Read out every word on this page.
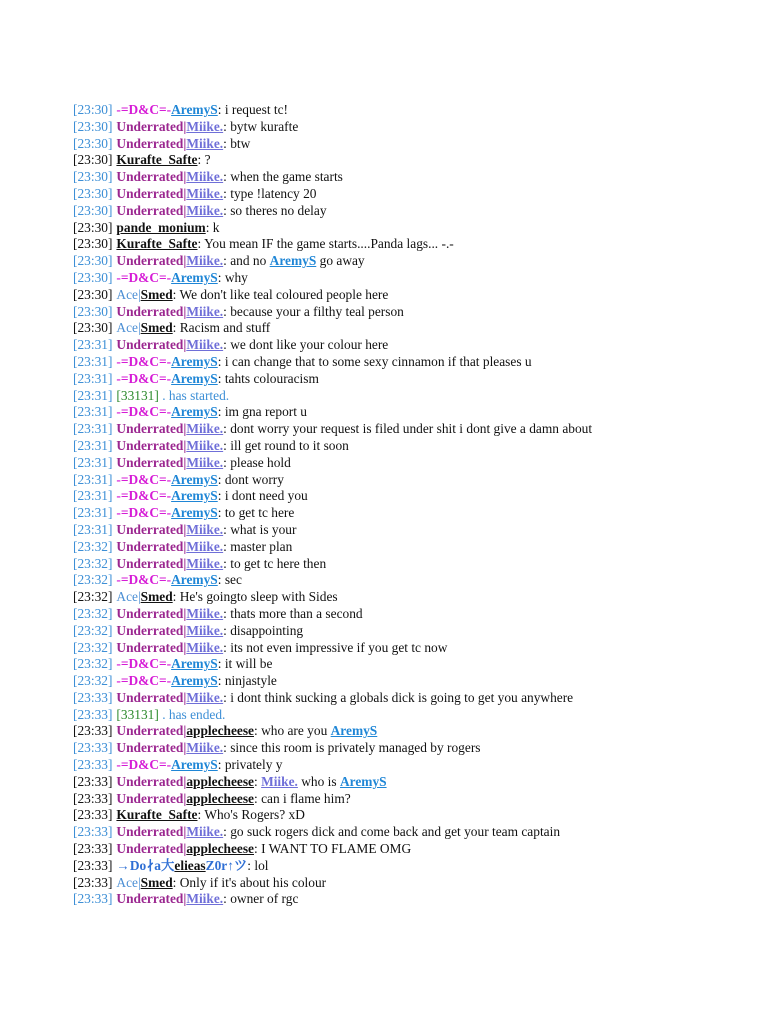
[23:30] -=D&C=-AremyS: i request tc!
[23:30] Underrated|Miike.: bytw kurafte
[23:30] Underrated|Miike.: btw
[23:30] Kurafte_Safte: ?
[23:30] Underrated|Miike.: when the game starts
[23:30] Underrated|Miike.: type !latency 20
[23:30] Underrated|Miike.: so theres no delay
[23:30] pande_monium: k
[23:30] Kurafte_Safte: You mean IF the game starts....Panda lags... -.-
[23:30] Underrated|Miike.: and no AremyS go away
[23:30] -=D&C=-AremyS: why
[23:30] Ace|Smed: We don't like teal coloured people here
[23:30] Underrated|Miike.: because your a filthy teal person
[23:30] Ace|Smed: Racism and stuff
[23:31] Underrated|Miike.: we dont like your colour here
[23:31] -=D&C=-AremyS: i can change that to some sexy cinnamon if that pleases u
[23:31] -=D&C=-AremyS: tahts colouracism
[23:31] [33131] . has started.
[23:31] -=D&C=-AremyS: im gna report u
[23:31] Underrated|Miike.: dont worry your request is filed under shit i dont give a damn about
[23:31] Underrated|Miike.: ill get round to it soon
[23:31] Underrated|Miike.: please hold
[23:31] -=D&C=-AremyS: dont worry
[23:31] -=D&C=-AremyS: i dont need you
[23:31] -=D&C=-AremyS: to get tc here
[23:31] Underrated|Miike.: what is your
[23:32] Underrated|Miike.: master plan
[23:32] Underrated|Miike.: to get tc here then
[23:32] -=D&C=-AremyS: sec
[23:32] Ace|Smed: He's goingto sleep with Sides
[23:32] Underrated|Miike.: thats more than a second
[23:32] Underrated|Miike.: disappointing
[23:32] Underrated|Miike.: its not even impressive if you get tc now
[23:32] -=D&C=-AremyS: it will be
[23:32] -=D&C=-AremyS: ninjastyle
[23:33] Underrated|Miike.: i dont think sucking a globals dick is going to get you anywhere
[23:33] [33131] . has ended.
[23:33] Underrated|applecheese: who are you AremyS
[23:33] Underrated|Miike.: since this room is privately managed by rogers
[23:33] -=D&C=-AremyS: privately y
[23:33] Underrated|applecheese: Miike. who is AremyS
[23:33] Underrated|applecheese: can i flame him?
[23:33] Kurafte_Safte: Who's Rogers? xD
[23:33] Underrated|Miike.: go suck rogers dick and come back and get your team captain
[23:33] Underrated|applecheese: I WANT TO FLAME OMG
[23:33] →Do∤a大elieasZ0r↑ツ: lol
[23:33] Ace|Smed: Only if it's about his colour
[23:33] Underrated|Miike.: owner of rgc
